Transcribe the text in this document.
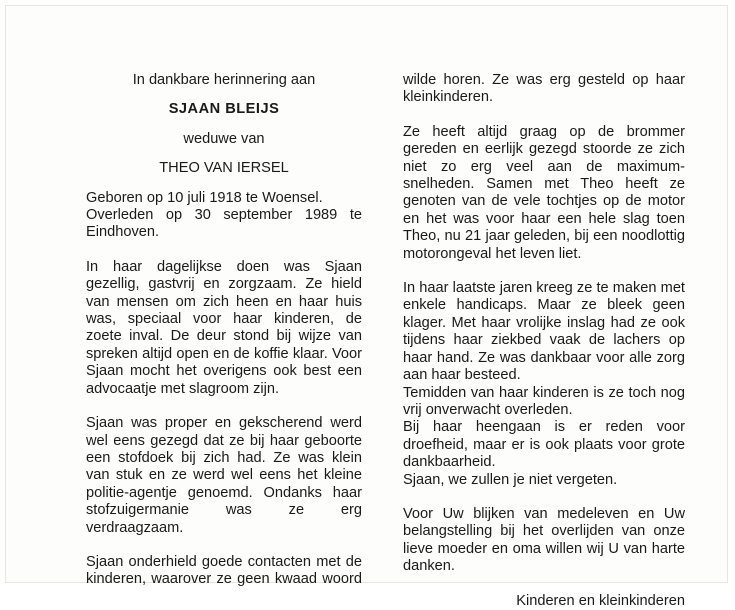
In dankbare herinnering aan

SJAAN BLEIJS

weduwe van

THEO VAN IERSEL

Geboren op 10 juli 1918 te Woensel.

Overleden op 30 september 1989 te Eindhoven.

In haar dagelijkse doen was Sjaan gezellig, gastvrij en zorgzaam. Ze hield van mensen om zich heen en haar huis was, speciaal voor haar kinderen, de zoete inval. De deur stond bij wijze van spreken altijd open en de koffie klaar. Voor Sjaan mocht het overigens ook best een advocaatje met slagroom zijn.

Sjaan was proper en gekscherend werd wel eens gezegd dat ze bij haar geboorte een stofdoek bij zich had. Ze was klein van stuk en ze werd wel eens het kleine politie-agentje genoemd. Ondanks haar stofzuigermanie was ze erg verdraagzaam.

Sjaan onderhield goede contacten met de kinderen, waarover ze geen kwaad woord

wilde horen. Ze was erg gesteld op haar kleinkinderen.

Ze heeft altijd graag op de brommer gereden en eerlijk gezegd stoorde ze zich niet zo erg veel aan de maximum-snelheden. Samen met Theo heeft ze genoten van de vele tochtjes op de motor en het was voor haar een hele slag toen Theo, nu 21 jaar geleden, bij een noodlottig motorongeval het leven liet.

In haar laatste jaren kreeg ze te maken met enkele handicaps. Maar ze bleek geen klager. Met haar vrolijke inslag had ze ook tijdens haar ziekbed vaak de lachers op haar hand. Ze was dankbaar voor alle zorg aan haar besteed.

Temidden van haar kinderen is ze toch nog vrij onverwacht overleden.

Bij haar heengaan is er reden voor droefheid, maar er is ook plaats voor grote dankbaarheid.

Sjaan, we zullen je niet vergeten.

Voor Uw blijken van medeleven en Uw belangstelling bij het overlijden van onze lieve moeder en oma willen wij U van harte danken.

Kinderen en kleinkinderen
